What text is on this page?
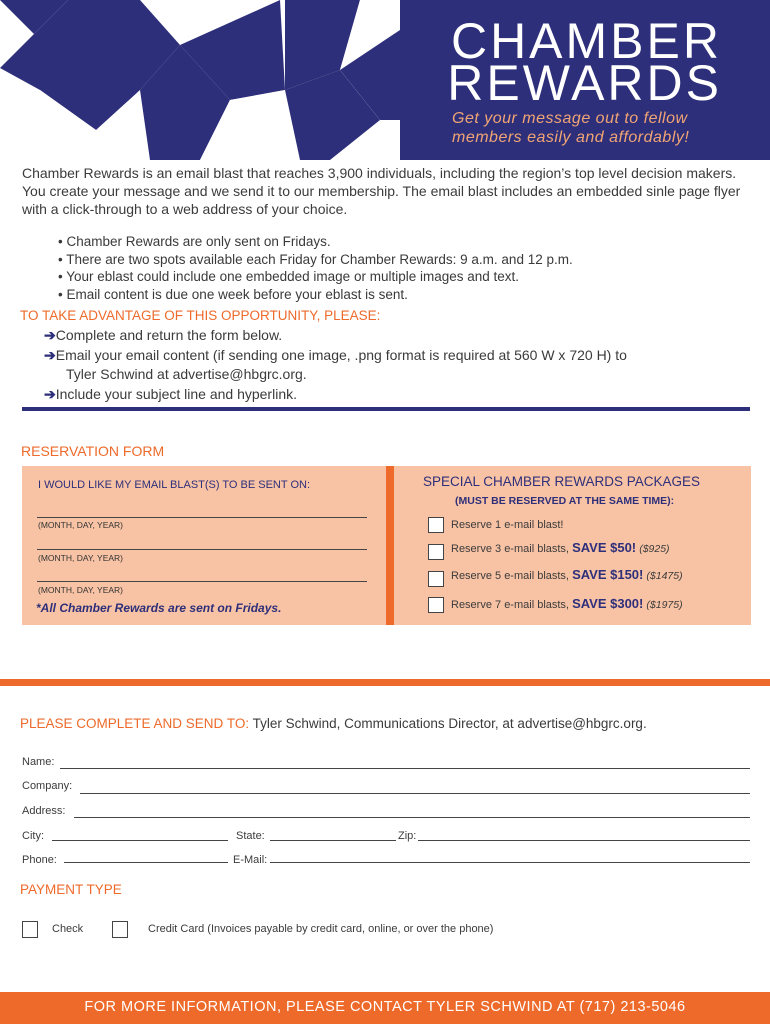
CHAMBER
REWARDS
Get your message out to fellow members easily and affordably!
Chamber Rewards is an email blast that reaches 3,900 individuals, including the region’s top level decision makers. You create your message and we send it to our membership. The email blast includes an embedded sinle page flyer with a click-through to a web address of your choice.
• Chamber Rewards are only sent on Fridays.
• There are two spots available each Friday for Chamber Rewards: 9 a.m. and 12 p.m.
• Your eblast could include one embedded image or multiple images and text.
• Email content is due one week before your eblast is sent.
TO TAKE ADVANTAGE OF THIS OPPORTUNITY, PLEASE:
➔Complete and return the form below.
➔Email your email content (if sending one image, .png format is required at 560 W x 720 H) to
Tyler Schwind at advertise@hbgrc.org.
➔Include your subject line and hyperlink.
RESERVATION FORM
I WOULD LIKE MY EMAIL BLAST(S) TO BE SENT ON:
(MONTH, DAY, YEAR)
(MONTH, DAY, YEAR)
(MONTH, DAY, YEAR)
*All Chamber Rewards are sent on Fridays.
SPECIAL CHAMBER REWARDS PACKAGES
(MUST BE RESERVED AT THE SAME TIME):
Reserve 1 e-mail blast!
Reserve 3 e-mail blasts, SAVE $50! ($925)
Reserve 5 e-mail blasts, SAVE $150! ($1475)
Reserve 7 e-mail blasts, SAVE $300! ($1975)
PLEASE COMPLETE AND SEND TO: Tyler Schwind, Communications Director, at advertise@hbgrc.org.
Name:
Company:
Address:
City:	State:	Zip:
Phone:	E-Mail:
PAYMENT TYPE
Check	Credit Card (Invoices payable by credit card, online, or over the phone)
FOR MORE INFORMATION, PLEASE CONTACT TYLER SCHWIND AT (717) 213-5046
